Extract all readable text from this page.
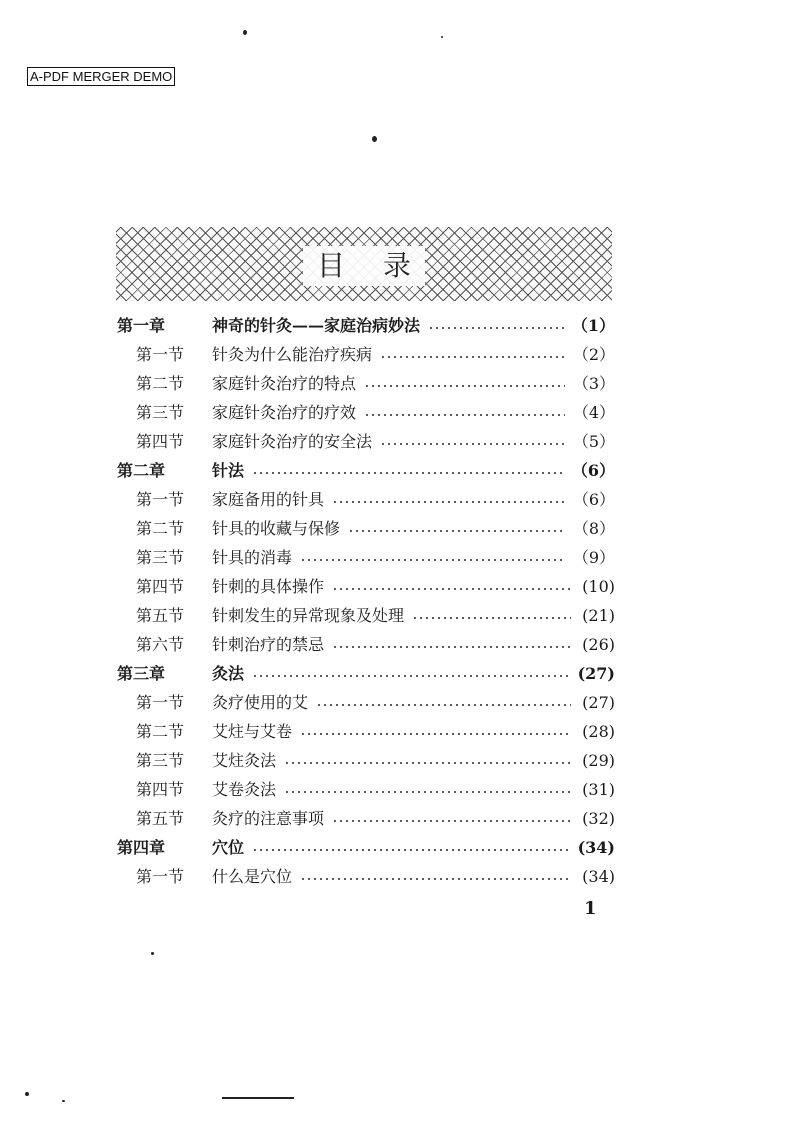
A-PDF MERGER DEMO
目 录
第一章	神奇的针灸——家庭治病妙法	（1）
第一节	针灸为什么能治疗疾病	（2）
第二节	家庭针灸治疗的特点	（3）
第三节	家庭针灸治疗的疗效	（4）
第四节	家庭针灸治疗的安全法	（5）
第二章	针法	（6）
第一节	家庭备用的针具	（6）
第二节	针具的收藏与保修	（8）
第三节	针具的消毒	（9）
第四节	针刺的具体操作	(10)
第五节	针刺发生的异常现象及处理	(21)
第六节	针刺治疗的禁忌	(26)
第三章	灸法	(27)
第一节	灸疗使用的艾	(27)
第二节	艾炷与艾卷	(28)
第三节	艾炷灸法	(29)
第四节	艾卷灸法	(31)
第五节	灸疗的注意事项	(32)
第四章	穴位	(34)
第一节	什么是穴位	(34)
1
